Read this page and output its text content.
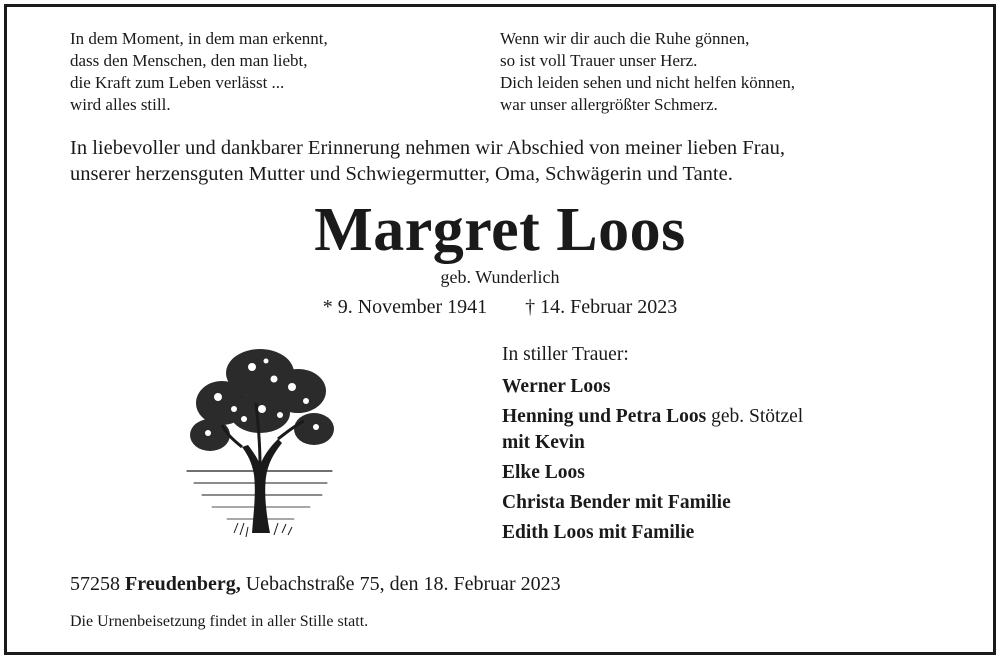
In dem Moment, in dem man erkennt,
dass den Menschen, den man liebt,
die Kraft zum Leben verlässt ...
wird alles still.
Wenn wir dir auch die Ruhe gönnen,
so ist voll Trauer unser Herz.
Dich leiden sehen und nicht helfen können,
war unser allergrößter Schmerz.
In liebevoller und dankbarer Erinnerung nehmen wir Abschied von meiner lieben Frau,
unserer herzensguten Mutter und Schwiegermutter, Oma, Schwägerin und Tante.
Margret Loos
geb. Wunderlich
* 9. November 1941 † 14. Februar 2023
In stiller Trauer:
Werner Loos
Henning und Petra Loos geb. Stötzel
mit Kevin
Elke Loos
Christa Bender mit Familie
Edith Loos mit Familie
57258 Freudenberg, Uebachstraße 75, den 18. Februar 2023
Die Urnenbeisetzung findet in aller Stille statt.
